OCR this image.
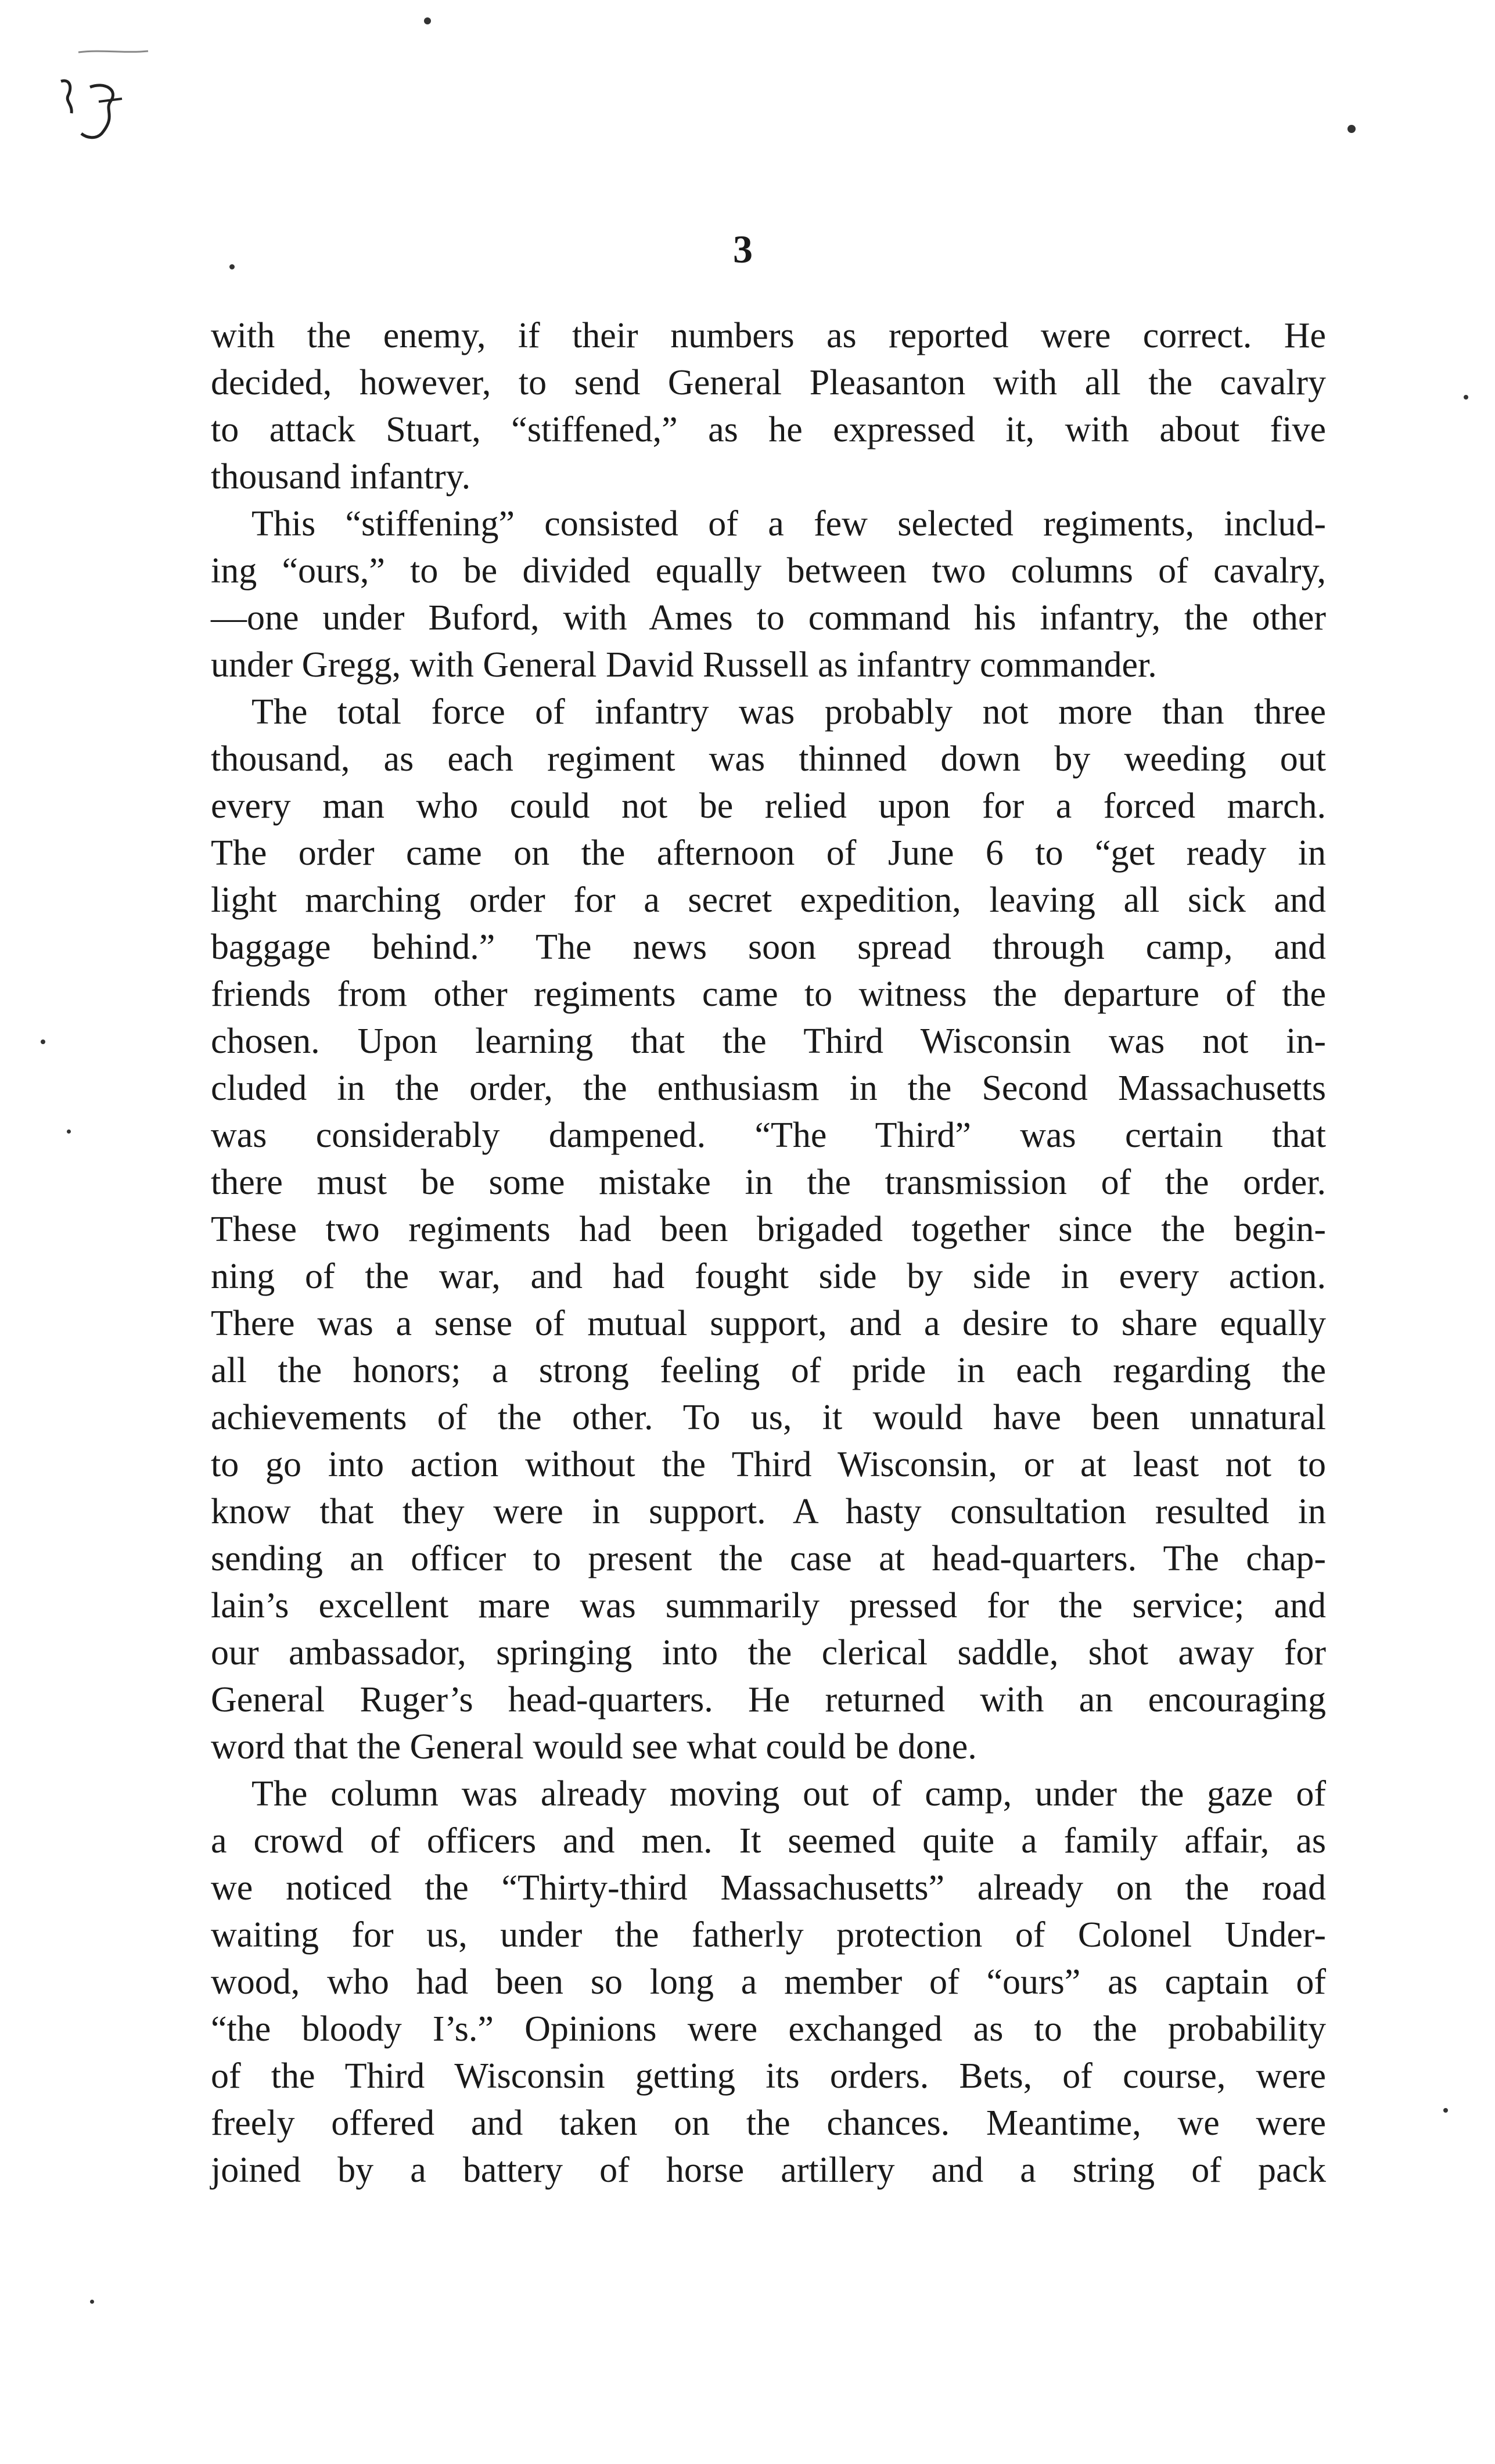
3
with the enemy, if their numbers as reported were correct. He
decided, however, to send General Pleasanton with all the cavalry
to attack Stuart, “stiffened,” as he expressed it, with about five
thousand infantry.
This “stiffening” consisted of a few selected regiments, includ-
ing “ours,” to be divided equally between two columns of cavalry,
—one under Buford, with Ames to command his infantry, the other
under Gregg, with General David Russell as infantry commander.
The total force of infantry was probably not more than three
thousand, as each regiment was thinned down by weeding out
every man who could not be relied upon for a forced march.
The order came on the afternoon of June 6 to “get ready in
light marching order for a secret expedition, leaving all sick and
baggage behind.” The news soon spread through camp, and
friends from other regiments came to witness the departure of the
chosen. Upon learning that the Third Wisconsin was not in-
cluded in the order, the enthusiasm in the Second Massachusetts
was considerably dampened. “The Third” was certain that
there must be some mistake in the transmission of the order.
These two regiments had been brigaded together since the begin-
ning of the war, and had fought side by side in every action.
There was a sense of mutual support, and a desire to share equally
all the honors; a strong feeling of pride in each regarding the
achievements of the other. To us, it would have been unnatural
to go into action without the Third Wisconsin, or at least not to
know that they were in support. A hasty consultation resulted in
sending an officer to present the case at head-quarters. The chap-
lain’s excellent mare was summarily pressed for the service; and
our ambassador, springing into the clerical saddle, shot away for
General Ruger’s head-quarters. He returned with an encouraging
word that the General would see what could be done.
The column was already moving out of camp, under the gaze of
a crowd of officers and men. It seemed quite a family affair, as
we noticed the “Thirty-third Massachusetts” already on the road
waiting for us, under the fatherly protection of Colonel Under-
wood, who had been so long a member of “ours” as captain of
“the bloody I’s.” Opinions were exchanged as to the probability
of the Third Wisconsin getting its orders. Bets, of course, were
freely offered and taken on the chances. Meantime, we were
joined by a battery of horse artillery and a string of pack
